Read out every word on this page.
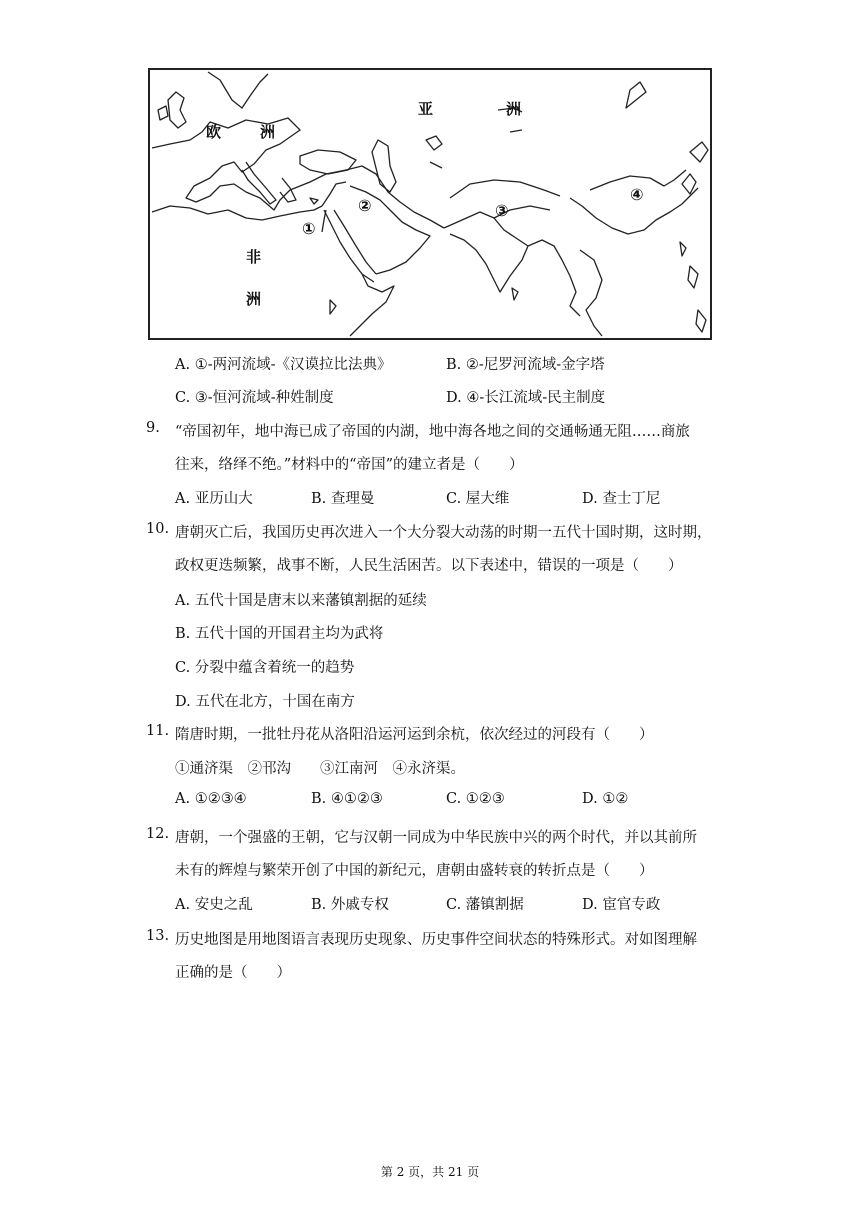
亚	洲
欧	洲
非
洲
①
②	③
④
A. ①-两河流域-《汉谟拉比法典》	B. ②-尼罗河流域-金字塔
C. ③-恒河流域-种姓制度	D. ④-长江流域-民主制度
9. “帝国初年，地中海已成了帝国的内湖，地中海各地之间的交通畅通无阻……商旅
往来，络绎不绝。”材料中的“帝国”的建立者是（　　）
A. 亚历山大	B. 查理曼	C. 屋大维	D. 查士丁尼
10. 唐朝灭亡后，我国历史再次进入一个大分裂大动荡的时期一五代十国时期，这时期，
政权更迭频繁，战事不断，人民生活困苦。以下表述中，错误的一项是（　　）
A. 五代十国是唐末以来藩镇割据的延续
B. 五代十国的开国君主均为武将
C. 分裂中蕴含着统一的趋势
D. 五代在北方，十国在南方
11. 隋唐时期，一批牡丹花从洛阳沿运河运到余杭，依次经过的河段有（　　）
①通济渠　②邗沟　　③江南河　④永济渠。
A. ①②③④	B. ④①②③	C. ①②③	D. ①②
12. 唐朝，一个强盛的王朝，它与汉朝一同成为中华民族中兴的两个时代，并以其前所
未有的辉煌与繁荣开创了中国的新纪元，唐朝由盛转衰的转折点是（　　）
A. 安史之乱	B. 外戚专权	C. 藩镇割据	D. 宦官专政
13. 历史地图是用地图语言表现历史现象、历史事件空间状态的特殊形式。对如图理解
正确的是（　　）
第 2 页，共 21 页
